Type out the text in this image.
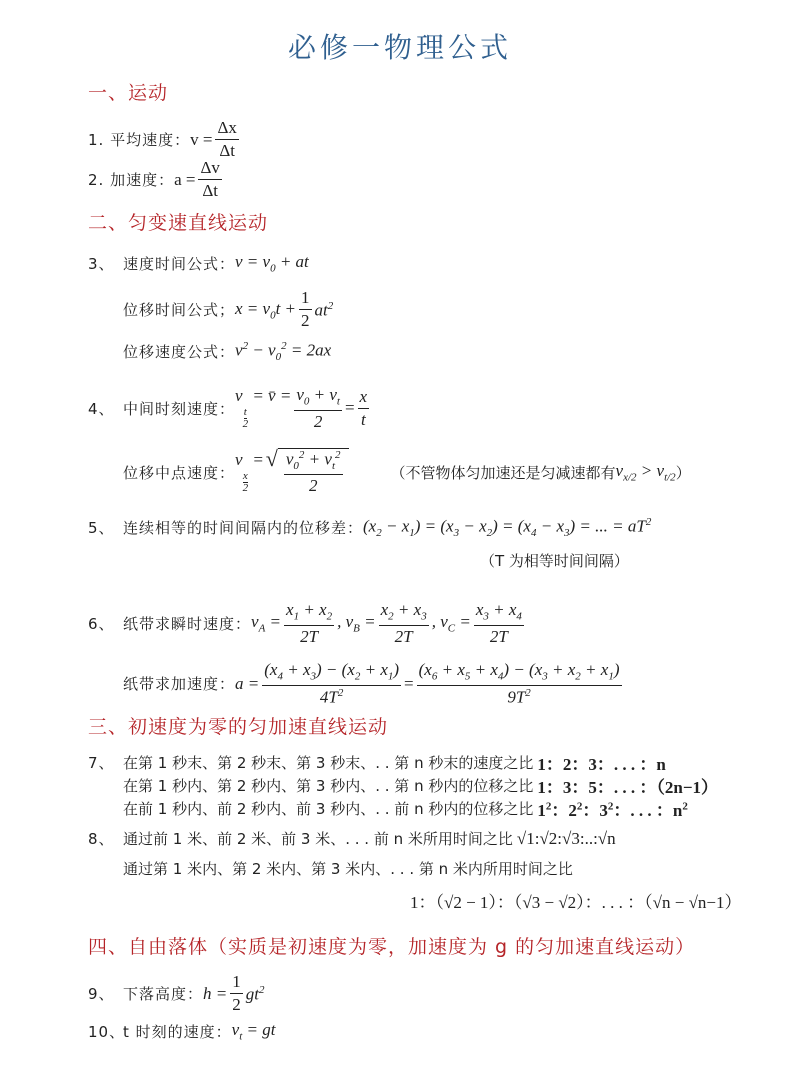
必修一物理公式
一、运动
1. 平均速度： $v = \frac{\Delta x}{\Delta t}$
2. 加速度： $a = \frac{\Delta v}{\Delta t}$
二、匀变速直线运动
3、 速度时间公式： $v = v_0$ + at
位移时间公式； $x = v_0t + \frac{1}{2} at^2$
位移速度公式： $v^2 - v_0^2 = 2ax$
4、 中间时刻速度：
v
$_{\frac{t}{2}}$
= v̄ = $\frac{v_0 + v_t}{2} = \frac{x}{t}$
位移中点速度：
v
$_{\frac{x}{2}}$
= √ $\frac{v_0^2 + v_t^2}{2}$	（不管物体匀加速还是匀减速都有 $v_{x/2} > v_{t/2}$ ）
5、 连续相等的时间间隔内的位移差： $(x_2 - x_1) = (x_3 - x_2) = (x_4 - x_3)$ = ... = $aT^2$
（T 为相等时间间隔）
6、 纸带求瞬时速度： $v_A = \frac{x_1 + x_2}{2T}$ , $v_B = \frac{x_2 + x_3}{2T}$ , $v_C = \frac{x_3 + x_4}{2T}$
纸带求加速度： $a = \frac{(x_4 + x_3) - (x_2 + x_1)}{4T^2} = \frac{(x_6 + x_5 + x_4) - (x_3 + x_2 + x_1)}{9T^2}$
三、初速度为零的匀加速直线运动
7、 在第 1 秒末、第 2 秒末、第 3 秒末、. . 第 n 秒末的速度之比 1：2：3：. . . ：n
在第 1 秒内、第 2 秒内、第 3 秒内、. . 第 n 秒内的位移之比 1：3：5：. . . ：（2n−1）
在前 1 秒内、前 2 秒内、前 3 秒内、. . 前 n 秒内的位移之比 $1^2$：$2^2$：$3^2$：. . . ：$n^2$
8、 通过前 1 米、前 2 米、前 3 米、. . . 前 n 米所用时间之比 √1:√2:√3:..:√n
通过第 1 米内、第 2 米内、第 3 米内、. . . 第 n 米内所用时间之比
1：（√2 − 1）：（√3 − √2）：. . . ：（√n − √n−1）
四、自由落体（实质是初速度为零，加速度为 g 的匀加速直线运动）
9、 下落高度： $h = \frac{1}{2} gt^2$
10、
t 时刻的速度： $v_t$ = gt
